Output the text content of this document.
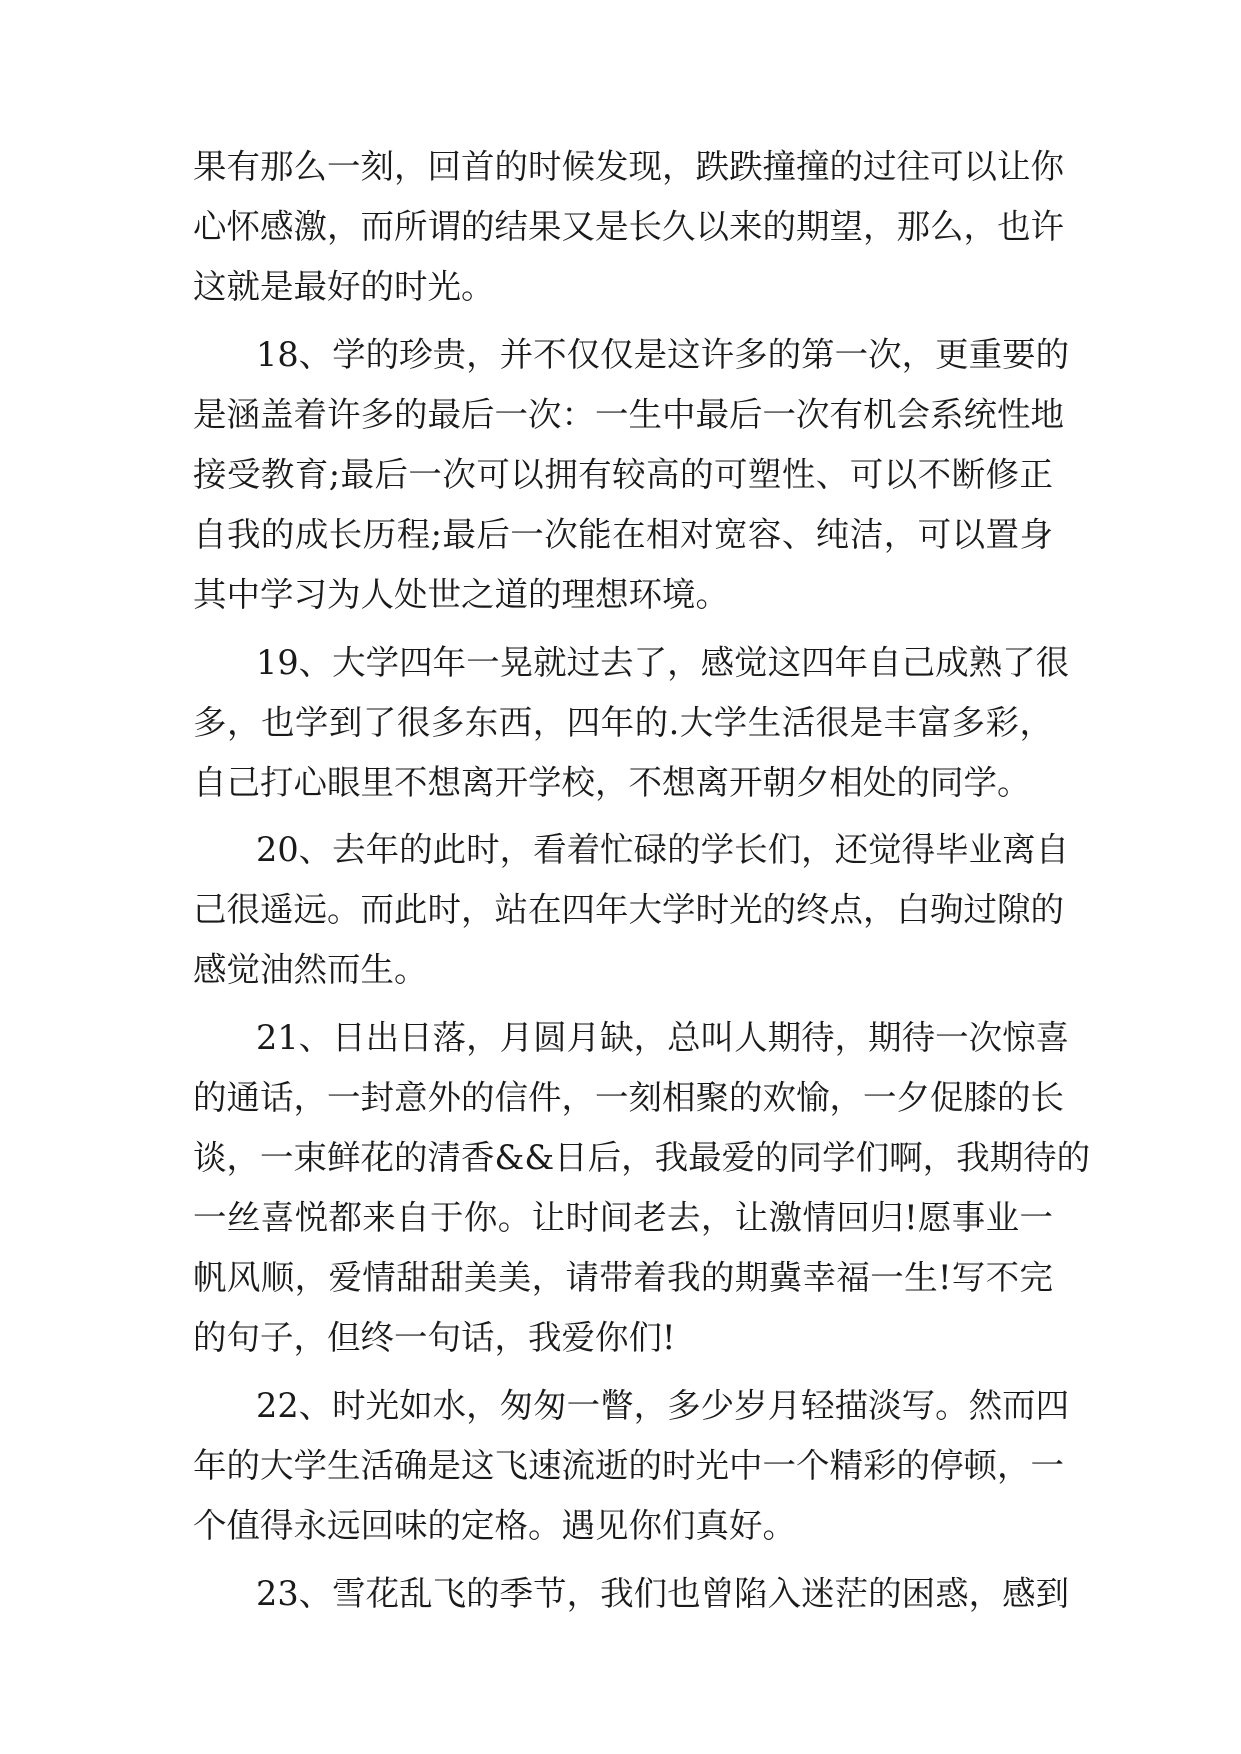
果有那么一刻，回首的时候发现，跌跌撞撞的过往可以让你
心怀感激，而所谓的结果又是长久以来的期望，那么，也许
这就是最好的时光。
18、学的珍贵，并不仅仅是这许多的第一次，更重要的
是涵盖着许多的最后一次：一生中最后一次有机会系统性地
接受教育;最后一次可以拥有较高的可塑性、可以不断修正
自我的成长历程;最后一次能在相对宽容、纯洁，可以置身
其中学习为人处世之道的理想环境。
19、大学四年一晃就过去了，感觉这四年自己成熟了很
多，也学到了很多东西，四年的.大学生活很是丰富多彩，
自己打心眼里不想离开学校，不想离开朝夕相处的同学。
20、去年的此时，看着忙碌的学长们，还觉得毕业离自
己很遥远。而此时，站在四年大学时光的终点，白驹过隙的
感觉油然而生。
21、日出日落，月圆月缺，总叫人期待，期待一次惊喜
的通话，一封意外的信件，一刻相聚的欢愉，一夕促膝的长
谈，一束鲜花的清香&&日后，我最爱的同学们啊，我期待的
一丝喜悦都来自于你。让时间老去，让激情回归!愿事业一
帆风顺，爱情甜甜美美，请带着我的期冀幸福一生!写不完
的句子，但终一句话，我爱你们!
22、时光如水，匆匆一瞥，多少岁月轻描淡写。然而四
年的大学生活确是这飞速流逝的时光中一个精彩的停顿，一
个值得永远回味的定格。遇见你们真好。
23、雪花乱飞的季节，我们也曾陷入迷茫的困惑，感到
